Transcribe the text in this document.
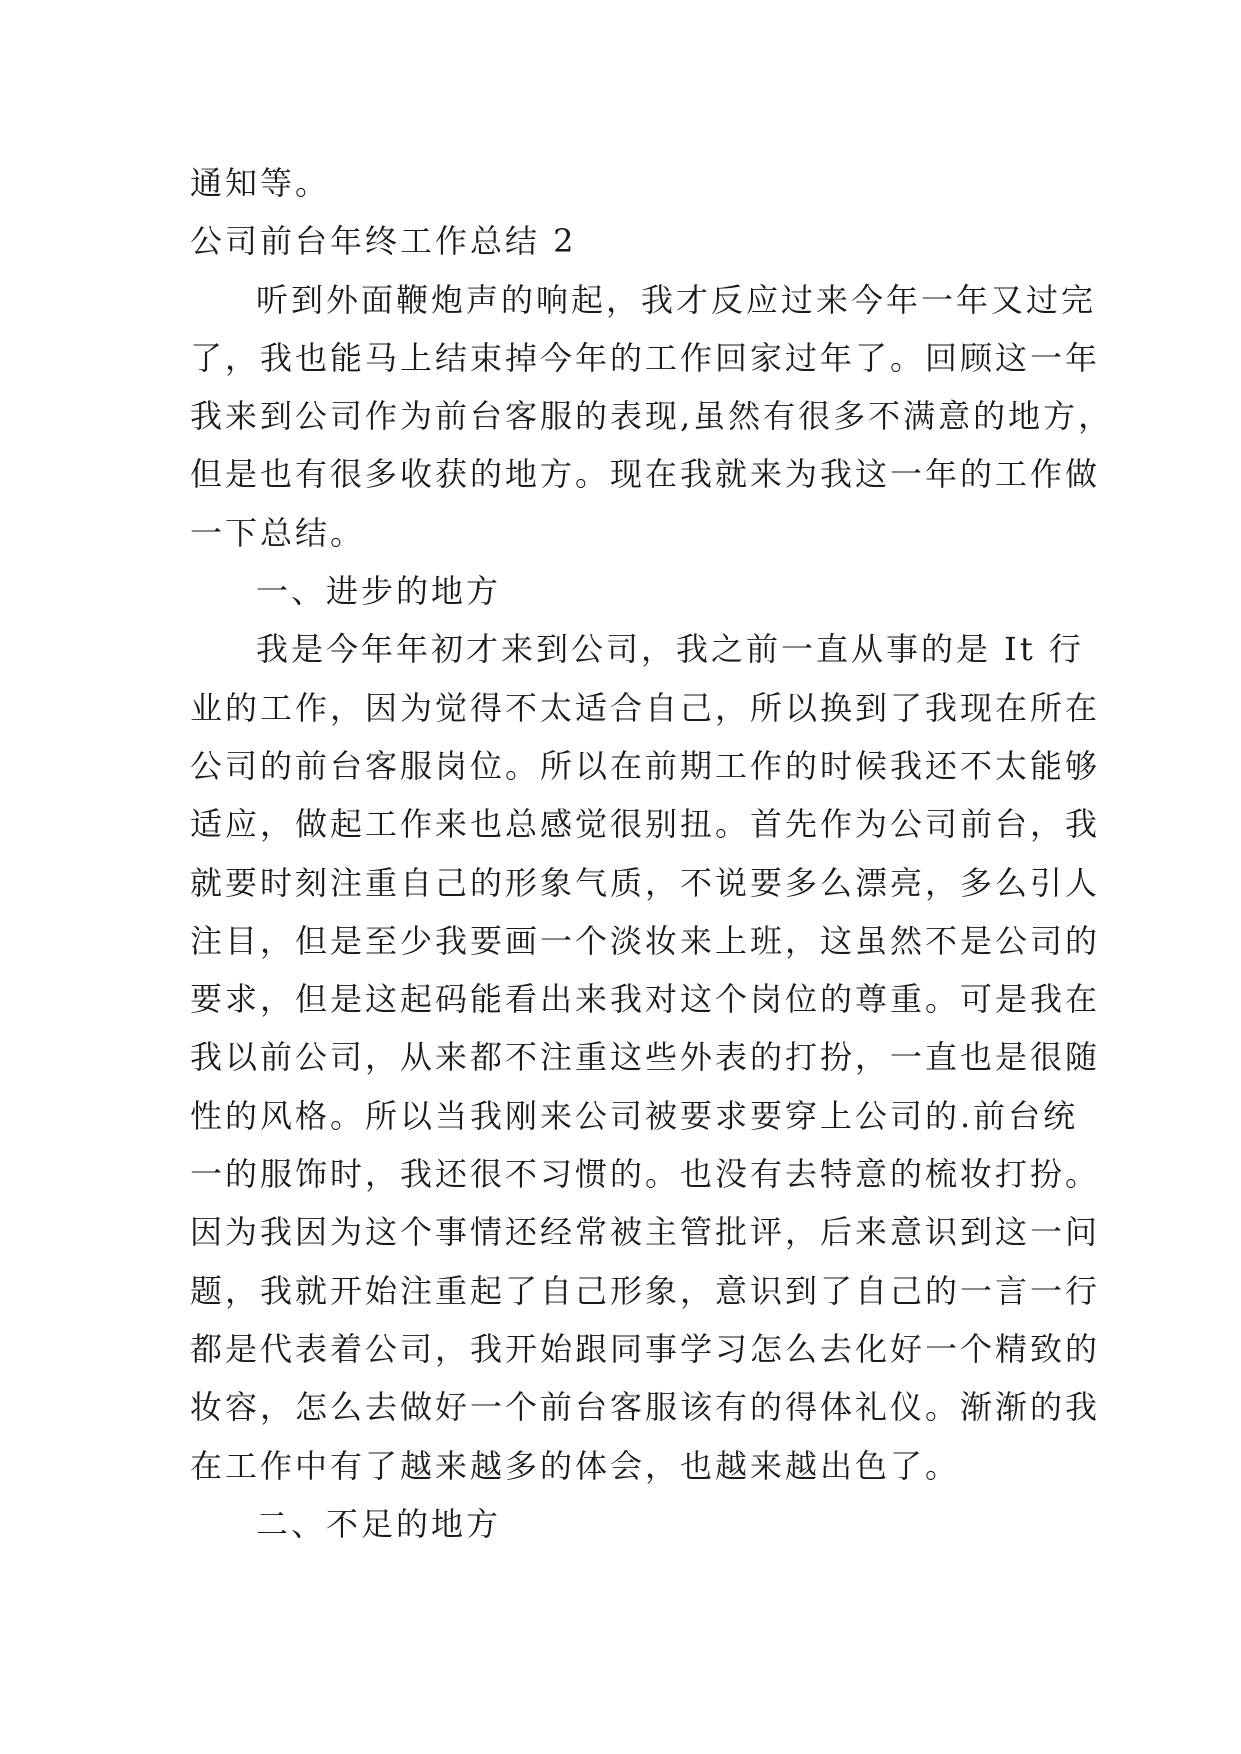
通知等。
公司前台年终工作总结 2
听到外面鞭炮声的响起，我才反应过来今年一年又过完
了，我也能马上结束掉今年的工作回家过年了。回顾这一年
我来到公司作为前台客服的表现,虽然有很多不满意的地方，
但是也有很多收获的地方。现在我就来为我这一年的工作做
一下总结。
一、进步的地方
我是今年年初才来到公司，我之前一直从事的是 It 行
业的工作，因为觉得不太适合自己，所以换到了我现在所在
公司的前台客服岗位。所以在前期工作的时候我还不太能够
适应，做起工作来也总感觉很别扭。首先作为公司前台，我
就要时刻注重自己的形象气质，不说要多么漂亮，多么引人
注目，但是至少我要画一个淡妆来上班，这虽然不是公司的
要求，但是这起码能看出来我对这个岗位的尊重。可是我在
我以前公司，从来都不注重这些外表的打扮，一直也是很随
性的风格。所以当我刚来公司被要求要穿上公司的.前台统
一的服饰时，我还很不习惯的。也没有去特意的梳妆打扮。
因为我因为这个事情还经常被主管批评，后来意识到这一问
题，我就开始注重起了自己形象，意识到了自己的一言一行
都是代表着公司，我开始跟同事学习怎么去化好一个精致的
妆容，怎么去做好一个前台客服该有的得体礼仪。渐渐的我
在工作中有了越来越多的体会，也越来越出色了。
二、不足的地方
